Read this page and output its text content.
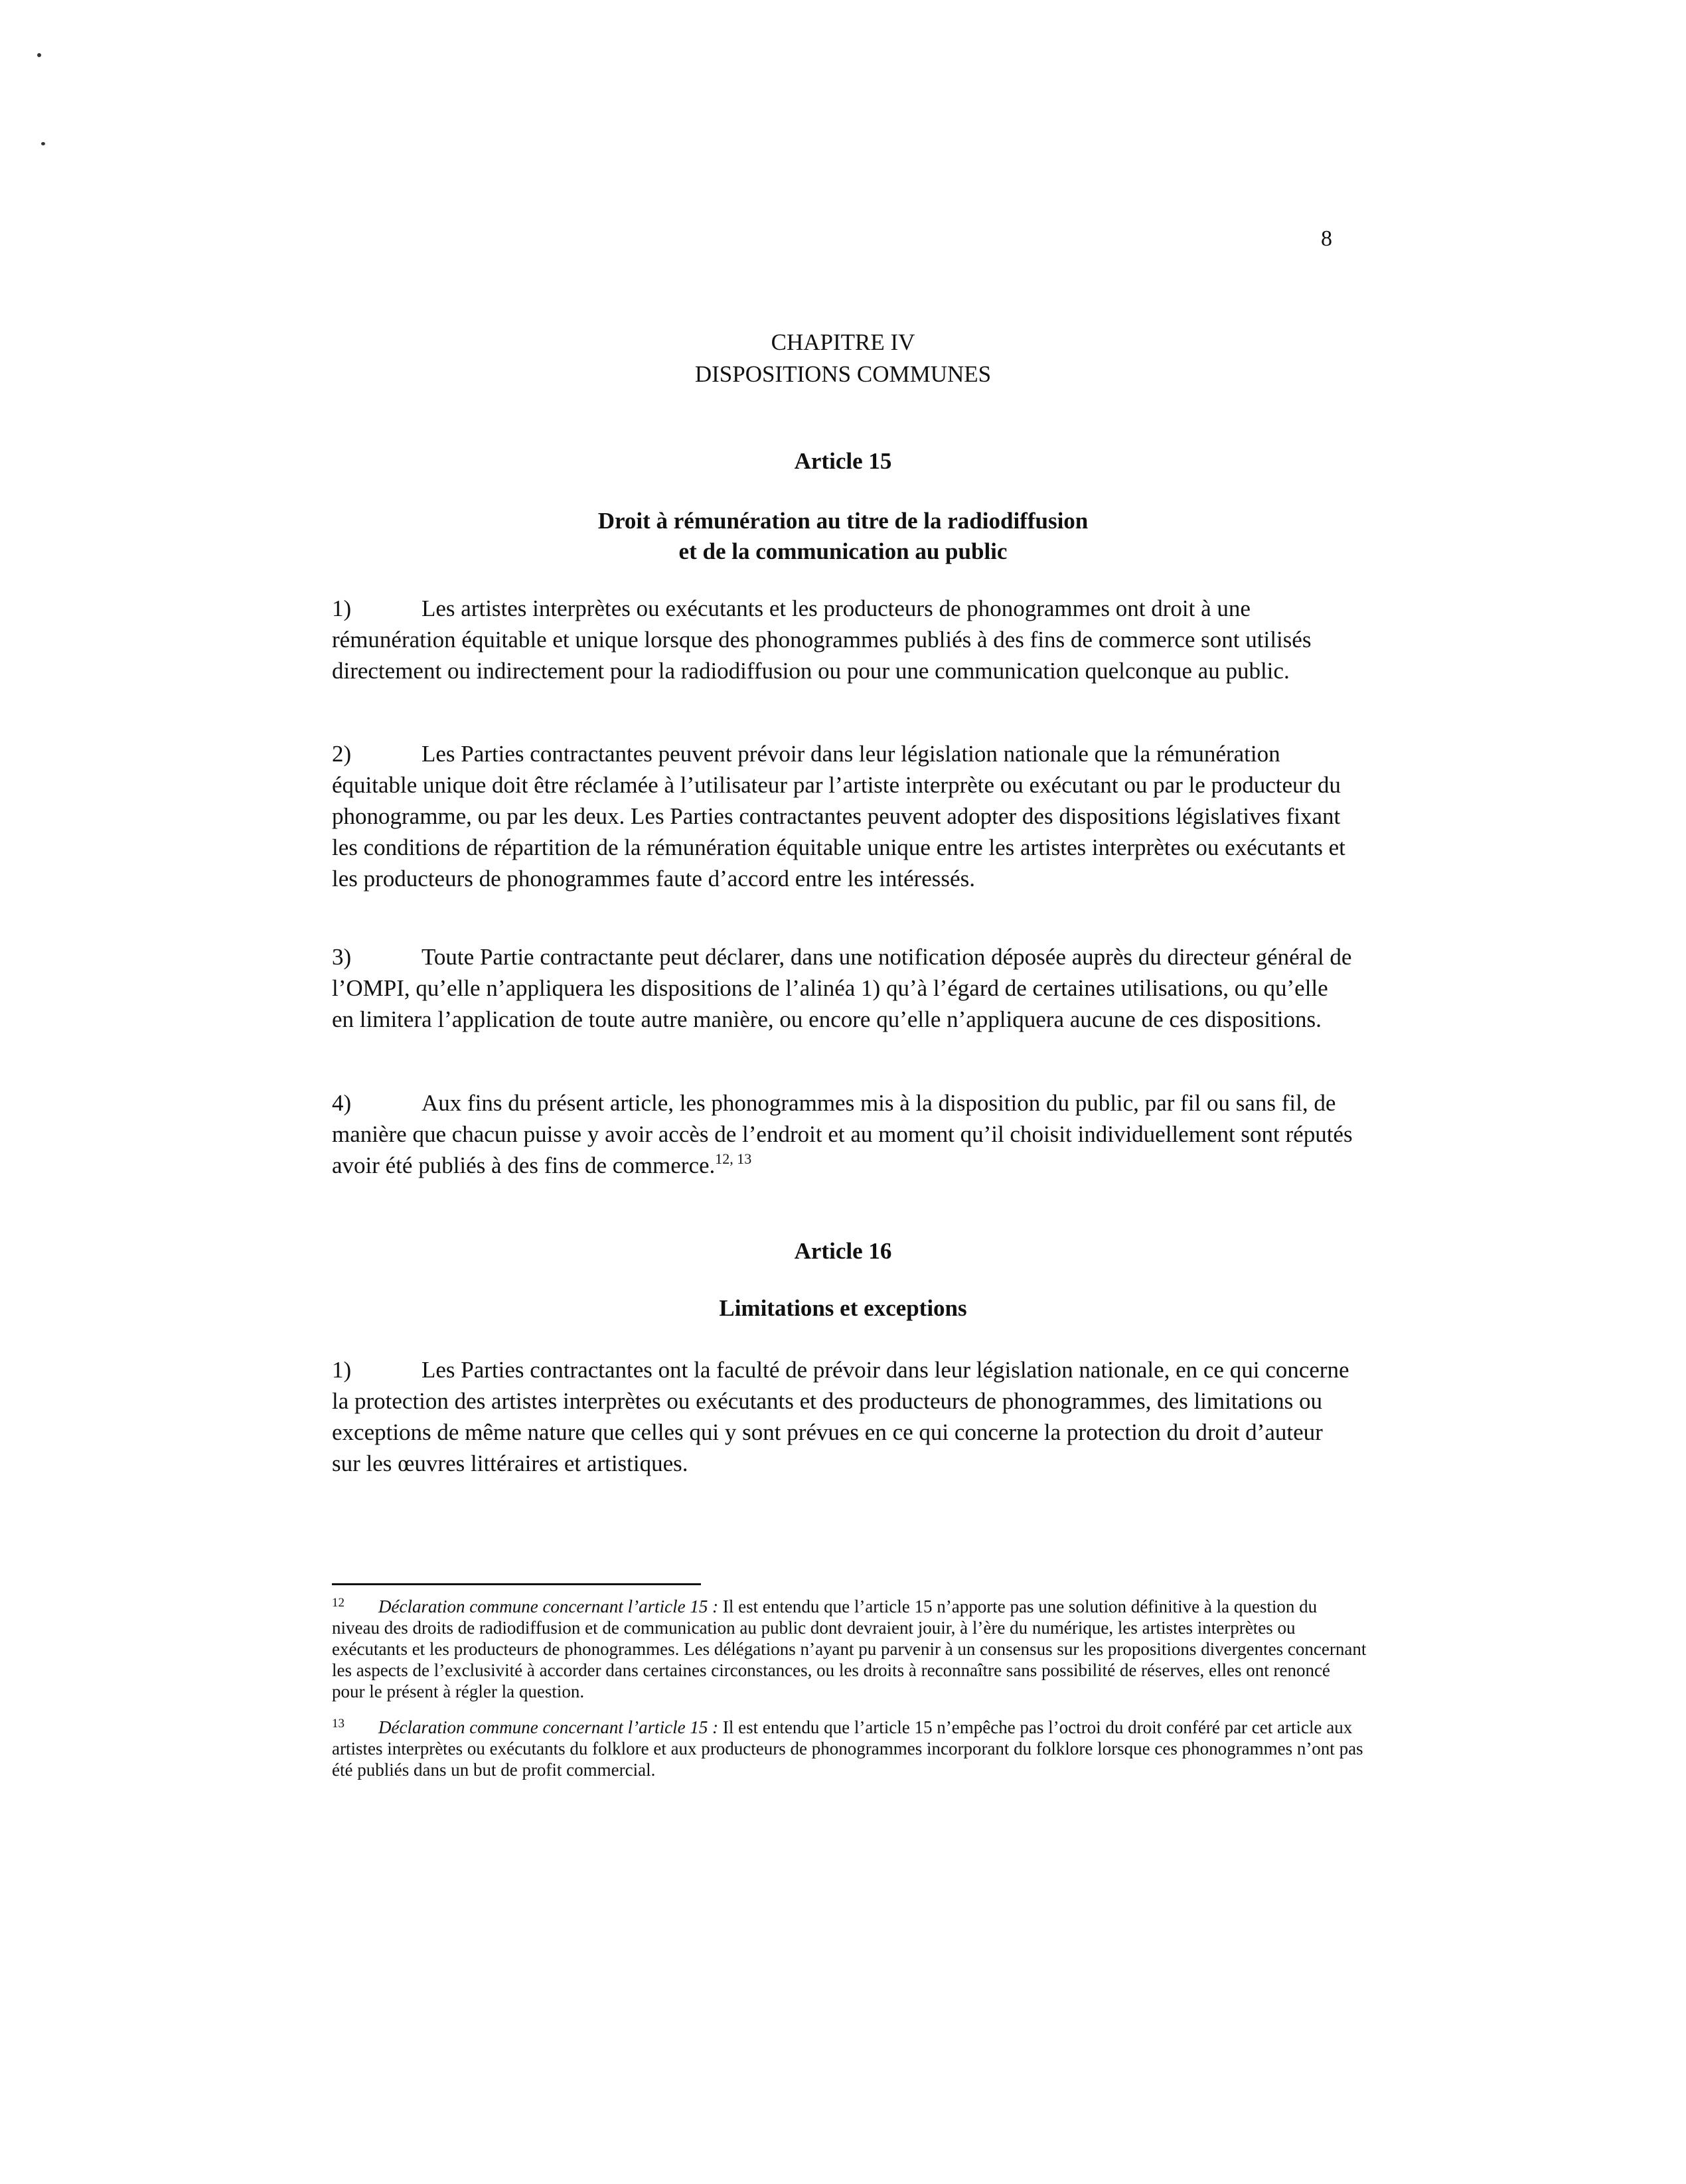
8
CHAPITRE IV
DISPOSITIONS COMMUNES
Article 15
Droit à rémunération au titre de la radiodiffusion
et de la communication au public
1)	Les artistes interprètes ou exécutants et les producteurs de phonogrammes ont droit à une rémunération équitable et unique lorsque des phonogrammes publiés à des fins de commerce sont utilisés directement ou indirectement pour la radiodiffusion ou pour une communication quelconque au public.
2)	Les Parties contractantes peuvent prévoir dans leur législation nationale que la rémunération équitable unique doit être réclamée à l’utilisateur par l’artiste interprète ou exécutant ou par le producteur du phonogramme, ou par les deux. Les Parties contractantes peuvent adopter des dispositions législatives fixant les conditions de répartition de la rémunération équitable unique entre les artistes interprètes ou exécutants et les producteurs de phonogrammes faute d’accord entre les intéressés.
3)	Toute Partie contractante peut déclarer, dans une notification déposée auprès du directeur général de l’OMPI, qu’elle n’appliquera les dispositions de l’alinéa 1) qu’à l’égard de certaines utilisations, ou qu’elle en limitera l’application de toute autre manière, ou encore qu’elle n’appliquera aucune de ces dispositions.
4)	Aux fins du présent article, les phonogrammes mis à la disposition du public, par fil ou sans fil, de manière que chacun puisse y avoir accès de l’endroit et au moment qu’il choisit individuellement sont réputés avoir été publiés à des fins de commerce.$^{12, 13}$
Article 16
Limitations et exceptions
1)	Les Parties contractantes ont la faculté de prévoir dans leur législation nationale, en ce qui concerne la protection des artistes interprètes ou exécutants et des producteurs de phonogrammes, des limitations ou exceptions de même nature que celles qui y sont prévues en ce qui concerne la protection du droit d’auteur sur les œuvres littéraires et artistiques.
12 Déclaration commune concernant l’article 15 : Il est entendu que l’article 15 n’apporte pas une solution définitive à la question du niveau des droits de radiodiffusion et de communication au public dont devraient jouir, à l’ère du numérique, les artistes interprètes ou exécutants et les producteurs de phonogrammes. Les délégations n’ayant pu parvenir à un consensus sur les propositions divergentes concernant les aspects de l’exclusivité à accorder dans certaines circonstances, ou les droits à reconnaître sans possibilité de réserves, elles ont renoncé pour le présent à régler la question.
13 Déclaration commune concernant l’article 15 : Il est entendu que l’article 15 n’empêche pas l’octroi du droit conféré par cet article aux artistes interprètes ou exécutants du folklore et aux producteurs de phonogrammes incorporant du folklore lorsque ces phonogrammes n’ont pas été publiés dans un but de profit commercial.
